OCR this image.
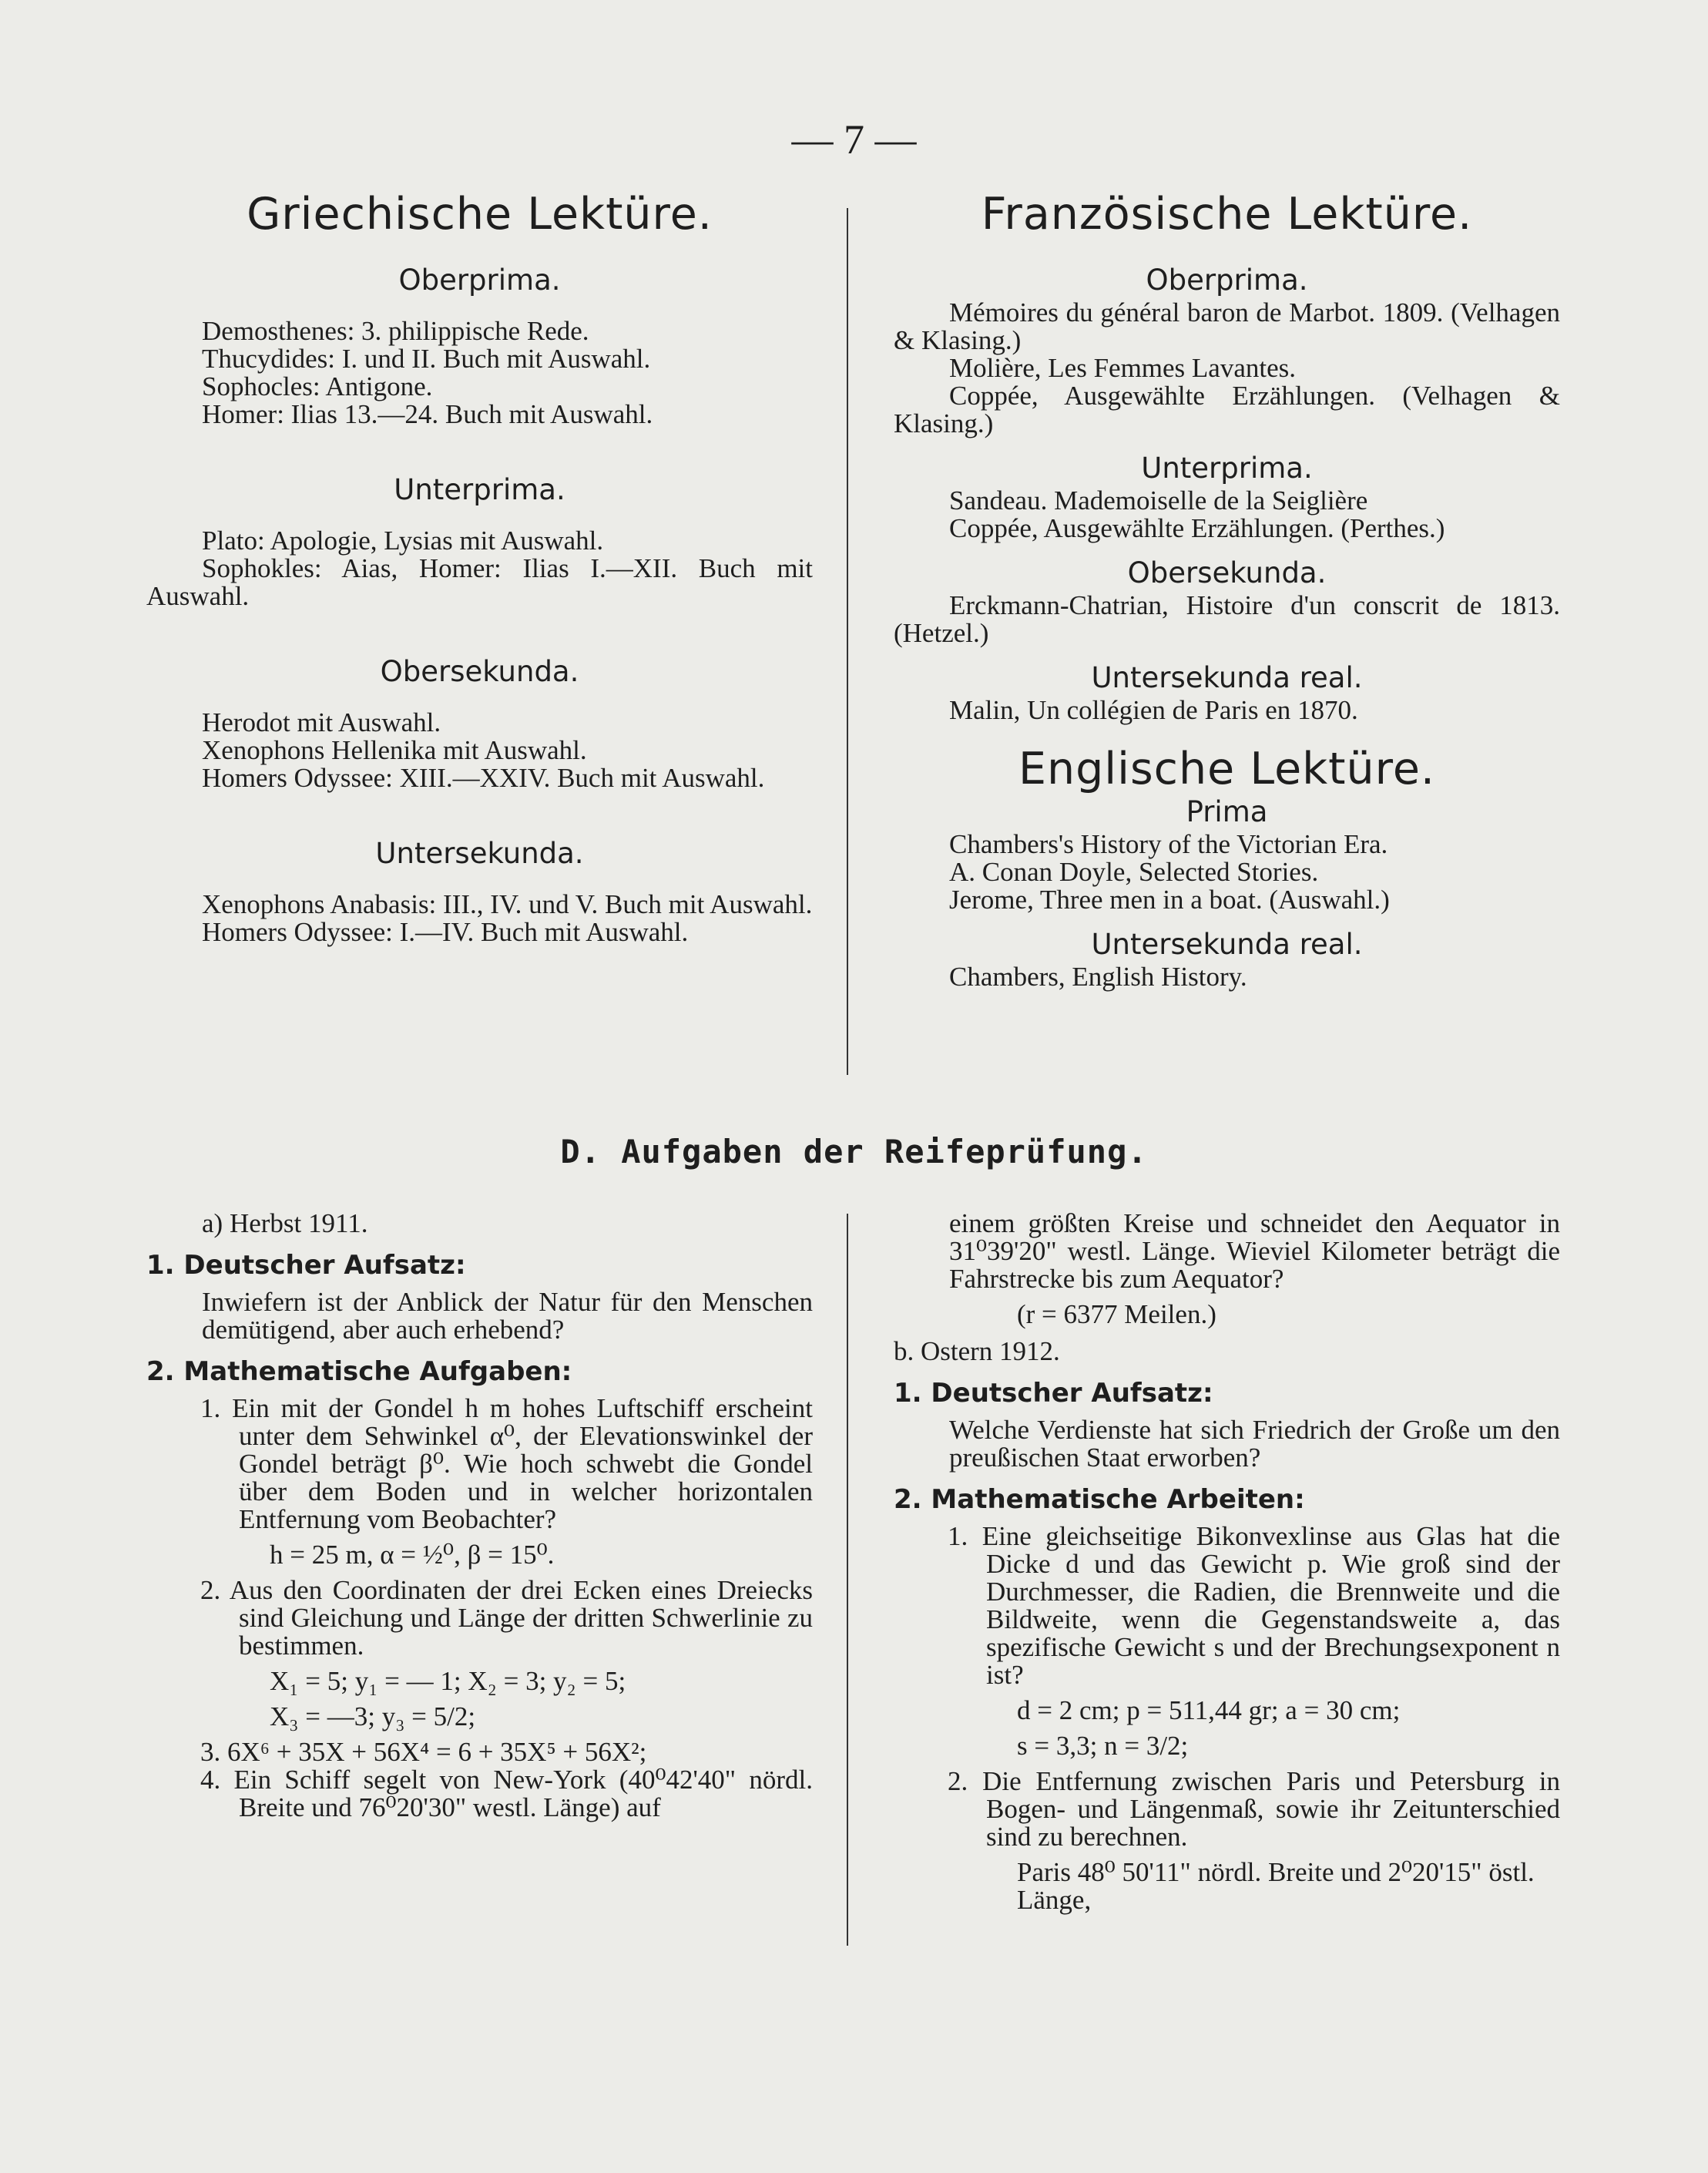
— 7 —
Griechische Lektüre.
Oberprima.
Demosthenes: 3. philippische Rede.
Thucydides: I. und II. Buch mit Auswahl.
Sophocles: Antigone.
Homer: Ilias 13.—24. Buch mit Auswahl.
Unterprima.
Plato: Apologie, Lysias mit Auswahl.
Sophokles: Aias, Homer: Ilias I.—XII. Buch mit Auswahl.
Obersekunda.
Herodot mit Auswahl.
Xenophons Hellenika mit Auswahl.
Homers Odyssee: XIII.—XXIV. Buch mit Auswahl.
Untersekunda.
Xenophons Anabasis: III., IV. und V. Buch mit Auswahl.
Homers Odyssee: I.—IV. Buch mit Auswahl.
Französische Lektüre.
Oberprima.
Mémoires du général baron de Marbot. 1809. (Velhagen & Klasing.)
Molière, Les Femmes Lavantes.
Coppée, Ausgewählte Erzählungen. (Velhagen & Klasing.)
Unterprima.
Sandeau. Mademoiselle de la Seiglière
Coppée, Ausgewählte Erzählungen. (Perthes.)
Obersekunda.
Erckmann-Chatrian, Histoire d'un conscrit de 1813. (Hetzel.)
Untersekunda real.
Malin, Un collégien de Paris en 1870.
Englische Lektüre.
Prima
Chambers's History of the Victorian Era.
A. Conan Doyle, Selected Stories.
Jerome, Three men in a boat. (Auswahl.)
Untersekunda real.
Chambers, English History.
D. Aufgaben der Reifeprüfung.
a) Herbst 1911.
1. Deutscher Aufsatz:
Inwiefern ist der Anblick der Natur für den Menschen demütigend, aber auch erhebend?
2. Mathematische Aufgaben:
1. Ein mit der Gondel h m hohes Luftschiff erscheint unter dem Sehwinkel α⁰, der Elevationswinkel der Gondel beträgt β⁰. Wie hoch schwebt die Gondel über dem Boden und in welcher horizontalen Entfernung vom Beobachter?
h = 25 m, α = ½⁰, β = 15⁰.
2. Aus den Coordinaten der drei Ecken eines Dreiecks sind Gleichung und Länge der dritten Schwerlinie zu bestimmen.
X₁ = 5; y₁ = — 1; X₂ = 3; y₂ = 5;
X₃ = —3; y₃ = 5/2;
3. 6X⁶ + 35X + 56X⁴ = 6 + 35X⁵ + 56X²;
4. Ein Schiff segelt von New-York (40⁰42'40" nördl. Breite und 76⁰20'30" westl. Länge) auf
einem größten Kreise und schneidet den Aequator in 31⁰39'20" westl. Länge. Wieviel Kilometer beträgt die Fahrstrecke bis zum Aequator?
(r = 6377 Meilen.)
b. Ostern 1912.
1. Deutscher Aufsatz:
Welche Verdienste hat sich Friedrich der Große um den preußischen Staat erworben?
2. Mathematische Arbeiten:
1. Eine gleichseitige Bikonvexlinse aus Glas hat die Dicke d und das Gewicht p. Wie groß sind der Durchmesser, die Radien, die Brennweite und die Bildweite, wenn die Gegenstandsweite a, das spezifische Gewicht s und der Brechungsexponent n ist?
d = 2 cm; p = 511,44 gr; a = 30 cm;
s = 3,3; n = 3/2;
2. Die Entfernung zwischen Paris und Petersburg in Bogen- und Längenmaß, sowie ihr Zeitunterschied sind zu berechnen.
Paris 48⁰ 50'11" nördl. Breite und 2⁰20'15" östl. Länge,
